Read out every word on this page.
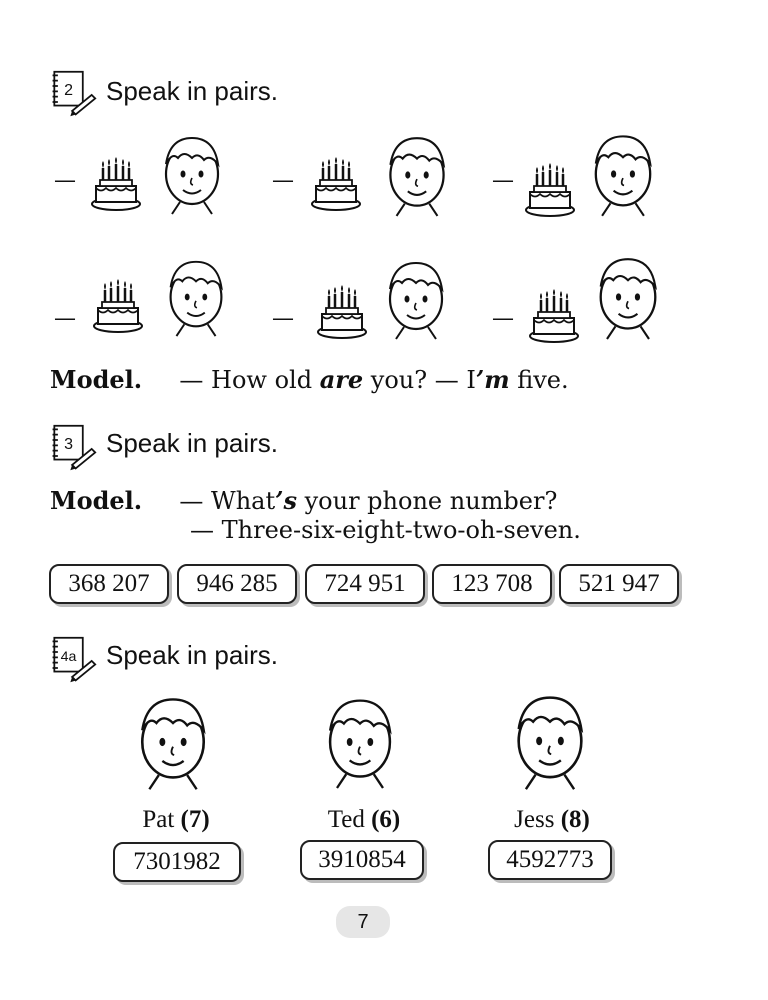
2 Speak in pairs.
—	—	—
—	—	—
Model. — How old are you? — I’m five.
3 Speak in pairs.
Model. — What’s your phone number?
— Three-six-eight-two-oh-seven.
368 207	946 285	724 951	123 708	521 947
4a Speak in pairs.
Pat (7)	Ted (6)	Jess (8)
7301982	3910854	4592773
7
